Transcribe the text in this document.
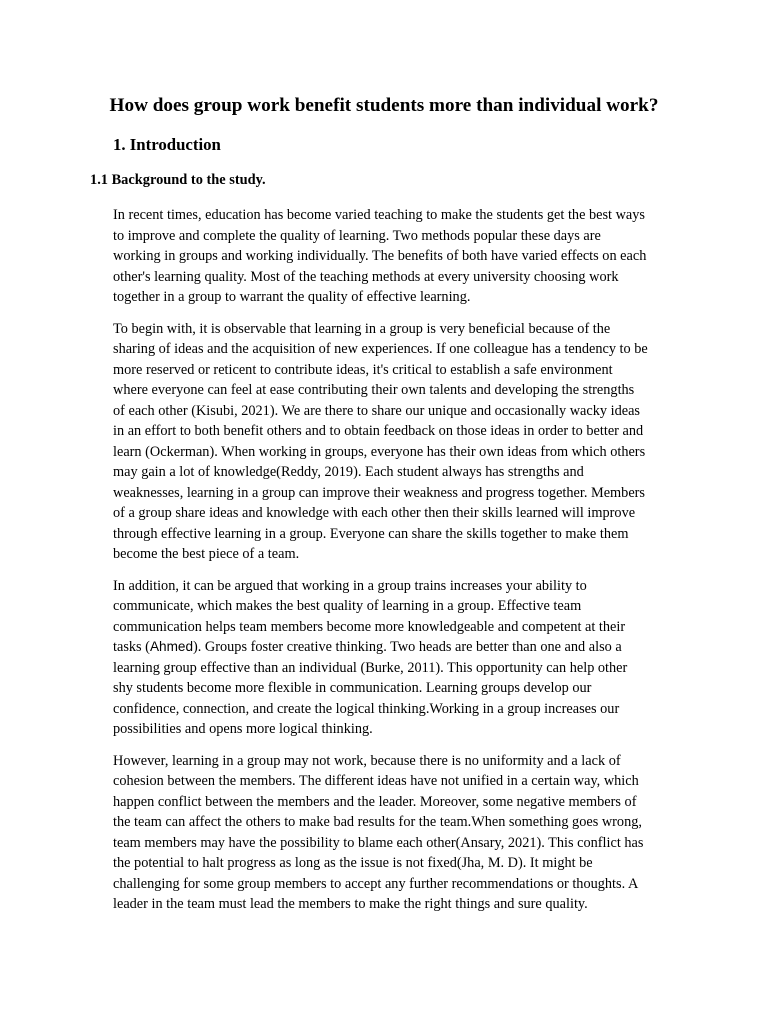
How does group work benefit students more than individual work?
1. Introduction
1.1 Background to the study.

In recent times, education has become varied teaching to make the students get the best ways
to improve and complete the quality of learning. Two methods popular these days are
working in groups and working individually. The benefits of both have varied effects on each
other's learning quality. Most of the teaching methods at every university choosing work
together in a group to warrant the quality of effective learning.

To begin with, it is observable that learning in a group is very beneficial because of the
sharing of ideas and the acquisition of new experiences. If one colleague has a tendency to be
more reserved or reticent to contribute ideas, it's critical to establish a safe environment
where everyone can feel at ease contributing their own talents and developing the strengths
of each other (Kisubi, 2021). We are there to share our unique and occasionally wacky ideas
in an effort to both benefit others and to obtain feedback on those ideas in order to better and
learn (Ockerman). When working in groups, everyone has their own ideas from which others
may gain a lot of knowledge(Reddy, 2019). Each student always has strengths and
weaknesses, learning in a group can improve their weakness and progress together. Members
of a group share ideas and knowledge with each other then their skills learned will improve
through effective learning in a group. Everyone can share the skills together to make them
become the best piece of a team.

In addition, it can be argued that working in a group trains increases your ability to
communicate, which makes the best quality of learning in a group. Effective team
communication helps team members become more knowledgeable and competent at their
tasks (Ahmed). Groups foster creative thinking. Two heads are better than one and also a
learning group effective than an individual (Burke, 2011). This opportunity can help other
shy students become more flexible in communication. Learning groups develop our
confidence, connection, and create the logical thinking.Working in a group increases our
possibilities and opens more logical thinking.

However, learning in a group may not work, because there is no uniformity and a lack of
cohesion between the members. The different ideas have not unified in a certain way, which
happen conflict between the members and the leader. Moreover, some negative members of
the team can affect the others to make bad results for the team.When something goes wrong,
team members may have the possibility to blame each other(Ansary, 2021). This conflict has
the potential to halt progress as long as the issue is not fixed(Jha, M. D). It might be
challenging for some group members to accept any further recommendations or thoughts. A
leader in the team must lead the members to make the right things and sure quality.
